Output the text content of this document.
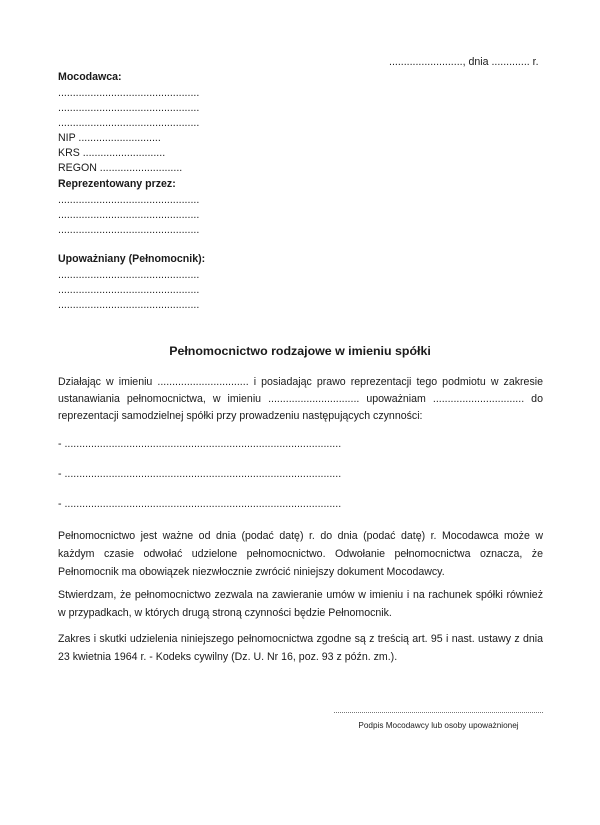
........................., dnia ............. r.
Mocodawca:
................................................
................................................
................................................
NIP ............................
KRS ............................
REGON ............................
Reprezentowany przez:
................................................
................................................
................................................
Upoważniany (Pełnomocnik):
................................................
................................................
................................................
Pełnomocnictwo rodzajowe w imieniu spółki
Działając w imieniu ............................... i posiadając prawo reprezentacji tego podmiotu w zakresie
ustanawiania pełnomocnictwa, w imieniu ............................... upoważniam ............................... do
reprezentacji samodzielnej spółki przy prowadzeniu następujących czynności:
- ..............................................................................................
- ..............................................................................................
- ..............................................................................................
Pełnomocnictwo jest ważne od dnia (podać datę) r. do dnia (podać datę) r. Mocodawca może w każdym czasie odwołać udzielone pełnomocnictwo. Odwołanie pełnomocnictwa oznacza, że Pełnomocnik ma obowiązek niezwłocznie zwrócić niniejszy dokument Mocodawcy.
Stwierdzam, że pełnomocnictwo zezwala na zawieranie umów w imieniu i na rachunek spółki również w przypadkach, w których drugą stroną czynności będzie Pełnomocnik.
Zakres i skutki udzielenia niniejszego pełnomocnictwa zgodne są z treścią art. 95 i nast. ustawy z dnia 23 kwietnia 1964 r. - Kodeks cywilny (Dz. U. Nr 16, poz. 93 z późn. zm.).
Podpis Mocodawcy lub osoby upoważnionej
